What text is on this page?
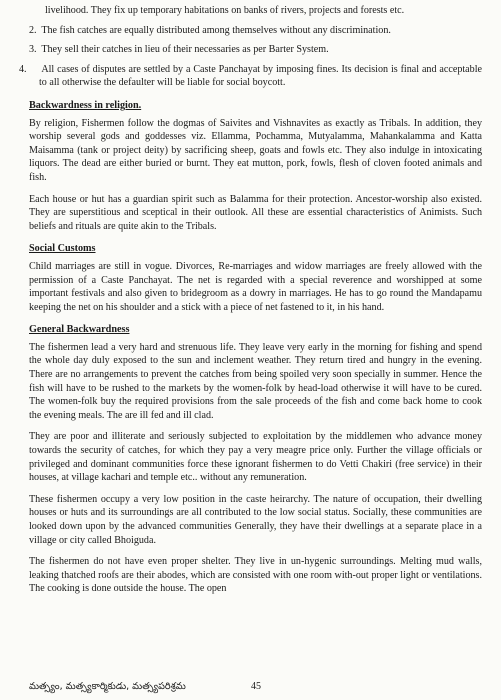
livelihood. They fix up temporary habitations on banks of rivers, projects and forests etc.

2. The fish catches are equally distributed among themselves without any discrimination.

3. They sell their catches in lieu of their necessaries as per Barter System.

4. All cases of disputes are settled by a Caste Panchayat by imposing fines. Its decision is final and acceptable to all otherwise the defaulter will be liable for social boycott.

Backwardness in religion.

By religion, Fishermen follow the dogmas of Saivites and Vishnavites as exactly as Tribals. In addition, they worship several gods and goddesses viz. Ellamma, Pochamma, Mutyalamma, Mahankalamma and Katta Maisamma (tank or project deity) by sacrificing sheep, goats and fowls etc. They also indulge in intoxicating liquors. The dead are either buried or burnt. They eat mutton, pork, fowls, flesh of cloven footed animals and fish.

Each house or hut has a guardian spirit such as Balamma for their protection. Ancestor-worship also existed. They are superstitious and sceptical in their outlook. All these are essential characteristics of Animists. Such beliefs and rituals are quite akin to the Tribals.

Social Customs

Child marriages are still in vogue. Divorces, Re-marriages and widow marriages are freely allowed with the permission of a Caste Panchayat. The net is regarded with a special reverence and worshipped at some important festivals and also given to bridegroom as a dowry in marriages. He has to go round the Mandapamu keeping the net on his shoulder and a stick with a piece of net fastened to it, in his hand.

General Backwardness

The fishermen lead a very hard and strenuous life. They leave very early in the morning for fishing and spend the whole day duly exposed to the sun and inclement weather. They return tired and hungry in the evening. There are no arrangements to prevent the catches from being spoiled very soon specially in summer. Hence the fish will have to be rushed to the markets by the women-folk by head-load otherwise it will have to be cured. The women-folk buy the required provisions from the sale proceeds of the fish and come back home to cook the evening meals. The are ill fed and ill clad.

They are poor and illiterate and seriously subjected to exploitation by the middlemen who advance money towards the security of catches, for which they pay a very meagre price only. Further the village officials or privileged and dominant communities force these ignorant fishermen to do Vetti Chakiri (free service) in their houses, at village kachari and temple etc.. without any remuneration.

These fishermen occupy a very low position in the caste heirarchy. The nature of occupation, their dwelling houses or huts and its surroundings are all contributed to the low social status. Socially, these communities are looked down upon by the advanced communities Generally, they have their dwellings at a separate place in a village or city called Bhoiguda.

The fishermen do not have even proper shelter. They live in un-hygenic surroundings. Melting mud walls, leaking thatched roofs are their abodes, which are consisted with one room with-out proper light or ventilations. The cooking is done outside the house. The open

మత్స్యం, మత్స్యకార్మికుడు, మత్స్యపరిశ్రమ	45
